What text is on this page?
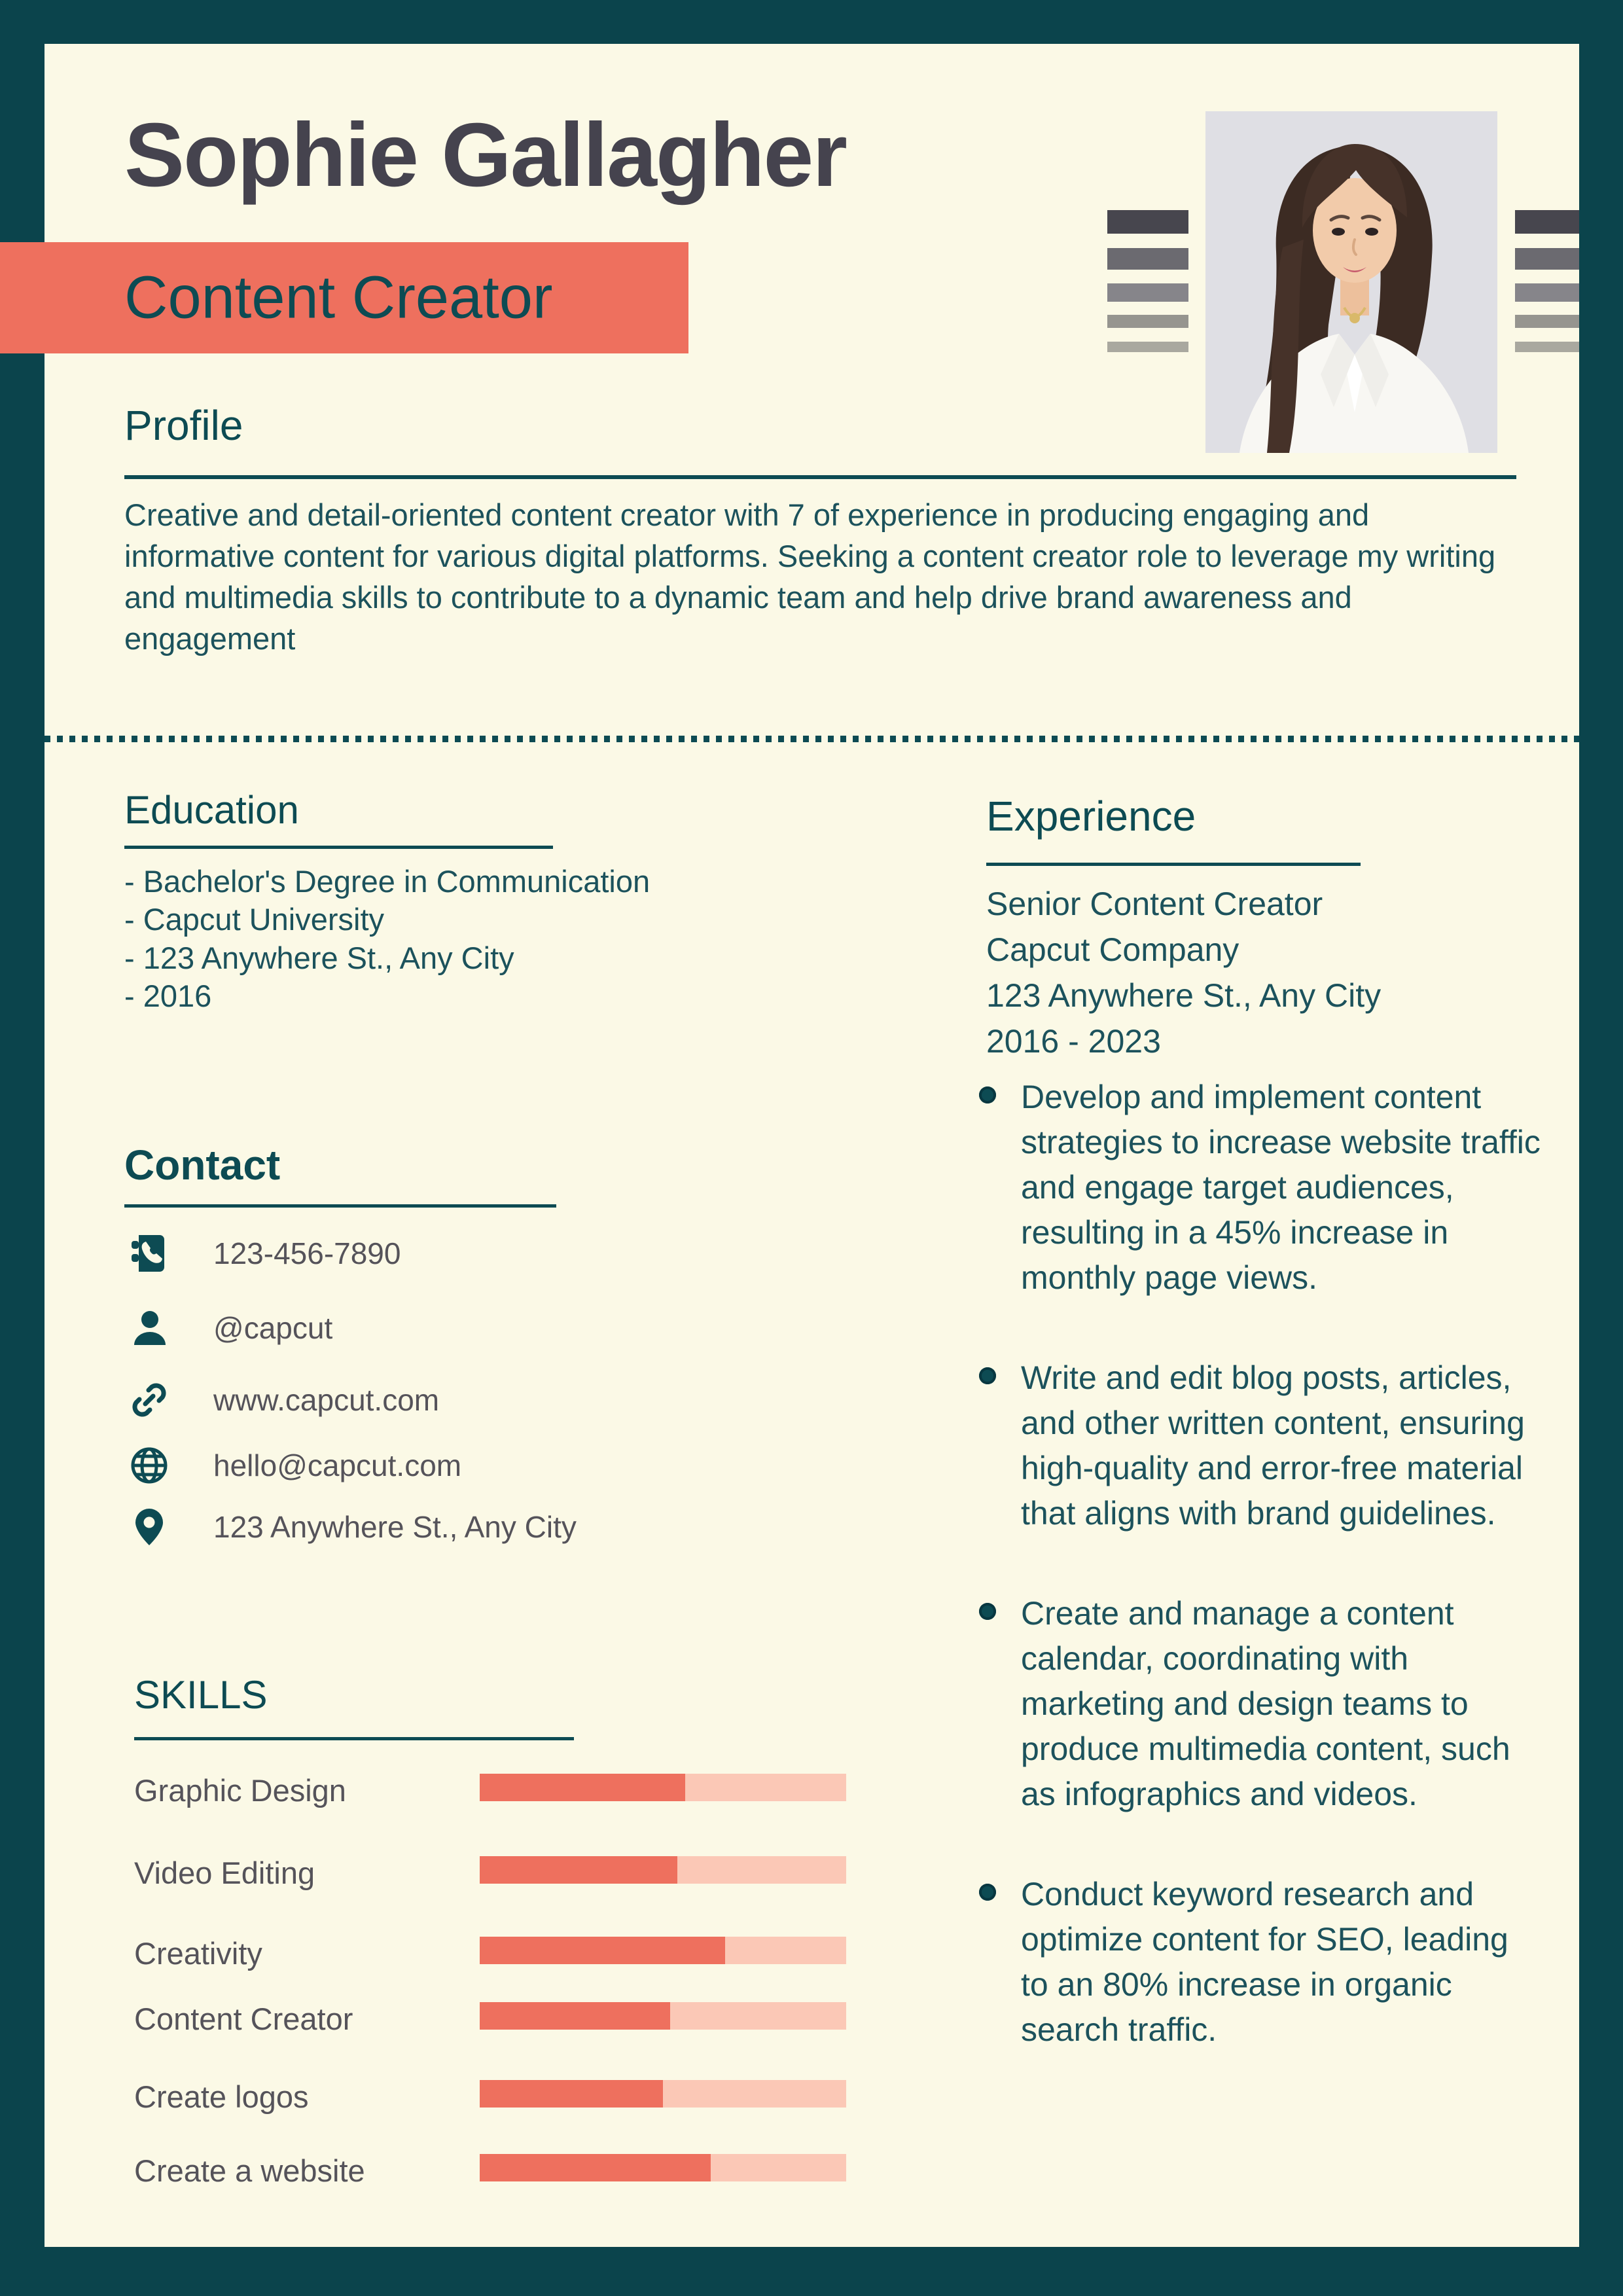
Sophie Gallagher
Content Creator
Profile
Creative and detail-oriented content creator with 7 of experience in producing engaging and informative content for various digital platforms. Seeking a content creator role to leverage my writing and multimedia skills to contribute to a dynamic team and help drive brand awareness and engagement
Education
- Bachelor's Degree in Communication
- Capcut University
- 123 Anywhere St., Any City
- 2016
Contact
123-456-7890
@capcut
www.capcut.com
hello@capcut.com
123 Anywhere St., Any City
SKILLS
Graphic Design
Video Editing
Creativity
Content Creator
Create logos
Create a website
Experience
Senior Content Creator
Capcut Company
123 Anywhere St., Any City
2016 - 2023
Develop and implement content strategies to increase website traffic and engage target audiences, resulting in a 45% increase in monthly page views.
Write and edit blog posts, articles, and other written content, ensuring high-quality and error-free material that aligns with brand guidelines.
Create and manage a content calendar, coordinating with marketing and design teams to produce multimedia content, such as infographics and videos.
Conduct keyword research and optimize content for SEO, leading to an 80% increase in organic search traffic.
